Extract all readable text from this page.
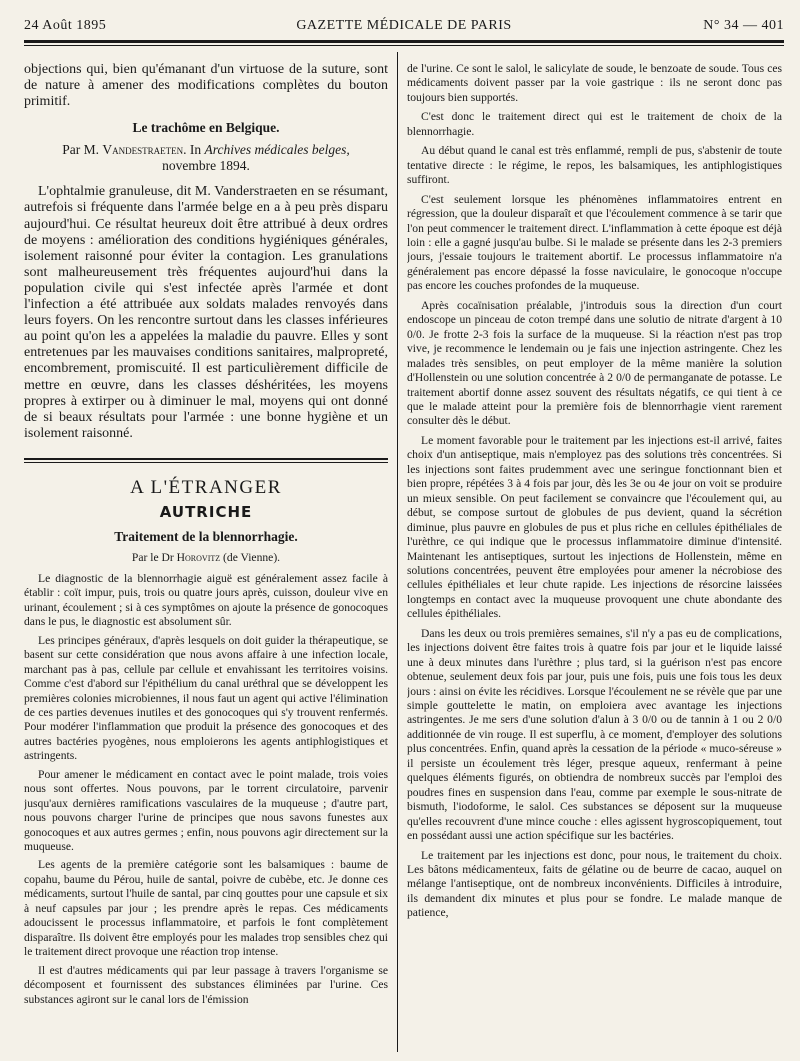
24 Août 1895	GAZETTE MÉDICALE DE PARIS	N° 34 — 401

objections qui, bien qu'émanant d'un virtuose de la suture, sont de nature à amener des modifications complètes du bouton primitif.

Le trachôme en Belgique.
Par M. Vandestraeten. In Archives médicales belges,
novembre 1894.

L'ophtalmie granuleuse, dit M. Vanderstraeten en se résumant, autrefois si fréquente dans l'armée belge en a à peu près disparu aujourd'hui. Ce résultat heureux doit être attribué à deux ordres de moyens : amélioration des conditions hygiéniques générales, isolement raisonné pour éviter la contagion. Les granulations sont malheureusement très fréquentes aujourd'hui dans la population civile qui s'est infectée après l'armée et dont l'infection a été attribuée aux soldats malades renvoyés dans leurs foyers. On les rencontre surtout dans les classes inférieures au point qu'on les a appelées la maladie du pauvre. Elles y sont entretenues par les mauvaises conditions sanitaires, malpropreté, encombrement, promiscuité. Il est particulièrement difficile de mettre en œuvre, dans les classes déshéritées, les moyens propres à extirper ou à diminuer le mal, moyens qui ont donné de si beaux résultats pour l'armée : une bonne hygiène et un isolement raisonné.

A L'ÉTRANGER
AUTRICHE
Traitement de la blennorrhagie.
Par le Dr Horovitz (de Vienne).

Le diagnostic de la blennorrhagie aiguë est généralement assez facile à établir : coït impur, puis, trois ou quatre jours après, cuisson, douleur vive en urinant, écoulement ; si à ces symptômes on ajoute la présence de gonocoques dans le pus, le diagnostic est absolument sûr.

Les principes généraux, d'après lesquels on doit guider la thérapeutique, se basent sur cette considération que nous avons affaire à une infection locale, marchant pas à pas, cellule par cellule et envahissant les territoires voisins. Comme c'est d'abord sur l'épithélium du canal uréthral que se développent les premières colonies microbiennes, il nous faut un agent qui active l'élimination de ces parties devenues inutiles et des gonocoques qui s'y trouvent renfermés. Pour modérer l'inflammation que produit la présence des gonocoques et des autres bactéries pyogènes, nous emploierons les agents antiphlogistiques et astringents.

Pour amener le médicament en contact avec le point malade, trois voies nous sont offertes. Nous pouvons, par le torrent circulatoire, parvenir jusqu'aux dernières ramifications vasculaires de la muqueuse ; d'autre part, nous pouvons charger l'urine de principes que nous savons funestes aux gonocoques et aux autres germes ; enfin, nous pouvons agir directement sur la muqueuse.

Les agents de la première catégorie sont les balsamiques : baume de copahu, baume du Pérou, huile de santal, poivre de cubèbe, etc. Je donne ces médicaments, surtout l'huile de santal, par cinq gouttes pour une capsule et six à neuf capsules par jour ; les prendre après le repas. Ces médicaments adoucissent le processus inflammatoire, et parfois le font complètement disparaître. Ils doivent être employés pour les malades trop sensibles chez qui le traitement direct provoque une réaction trop intense.

Il est d'autres médicaments qui par leur passage à travers l'organisme se décomposent et fournissent des substances éliminées par l'urine. Ces substances agiront sur le canal lors de l'émission

de l'urine. Ce sont le salol, le salicylate de soude, le benzoate de soude. Tous ces médicaments doivent passer par la voie gastrique : ils ne seront donc pas toujours bien supportés.

C'est donc le traitement direct qui est le traitement de choix de la blennorrhagie.

Au début quand le canal est très enflammé, rempli de pus, s'abstenir de toute tentative directe : le régime, le repos, les balsamiques, les antiphlogistiques suffiront.

C'est seulement lorsque les phénomènes inflammatoires entrent en régression, que la douleur disparaît et que l'écoulement commence à se tarir que l'on peut commencer le traitement direct. L'inflammation à cette époque est déjà loin : elle a gagné jusqu'au bulbe. Si le malade se présente dans les 2-3 premiers jours, j'essaie toujours le traitement abortif. Le processus inflammatoire n'a généralement pas encore dépassé la fosse naviculaire, le gonocoque n'occupe pas encore les couches profondes de la muqueuse.

Après cocaïnisation préalable, j'introduis sous la direction d'un court endoscope un pinceau de coton trempé dans une solutio de nitrate d'argent à 10 0/0. Je frotte 2-3 fois la surface de la muqueuse. Si la réaction n'est pas trop vive, je recommence le lendemain ou je fais une injection astringente. Chez les malades très sensibles, on peut employer de la même manière la solution d'Hollenstein ou une solution concentrée à 2 0/0 de permanganate de potasse. Le traitement abortif donne assez souvent des résultats négatifs, ce qui tient à ce que le malade atteint pour la première fois de blennorrhagie vient rarement consulter dès le début.

Le moment favorable pour le traitement par les injections est-il arrivé, faites choix d'un antiseptique, mais n'employez pas des solutions très concentrées. Si les injections sont faites prudemment avec une seringue fonctionnant bien et bien propre, répétées 3 à 4 fois par jour, dès les 3e ou 4e jour on voit se produire un mieux sensible. On peut facilement se convaincre que l'écoulement qui, au début, se compose surtout de globules de pus devient, quand la sécrétion diminue, plus pauvre en globules de pus et plus riche en cellules épithéliales de l'urèthre, ce qui indique que le processus inflammatoire diminue d'intensité. Maintenant les antiseptiques, surtout les injections de Hollenstein, même en solutions concentrées, peuvent être employées pour amener la nécrobiose des cellules épithéliales et leur chute rapide. Les injections de résorcine laissées longtemps en contact avec la muqueuse provoquent une chute abondante des cellules épithéliales.

Dans les deux ou trois premières semaines, s'il n'y a pas eu de complications, les injections doivent être faites trois à quatre fois par jour et le liquide laissé une à deux minutes dans l'urèthre ; plus tard, si la guérison n'est pas encore obtenue, seulement deux fois par jour, puis une fois, puis une fois tous les deux jours : ainsi on évite les récidives. Lorsque l'écoulement ne se révèle que par une simple gouttelette le matin, on emploiera avec avantage les injections astringentes. Je me sers d'une solution d'alun à 3 0/0 ou de tannin à 1 ou 2 0/0 additionnée de vin rouge. Il est superflu, à ce moment, d'employer des solutions plus concentrées. Enfin, quand après la cessation de la période « muco-séreuse » il persiste un écoulement très léger, presque aqueux, renfermant à peine quelques éléments figurés, on obtiendra de nombreux succès par l'emploi des poudres fines en suspension dans l'eau, comme par exemple le sous-nitrate de bismuth, l'iodoforme, le salol. Ces substances se déposent sur la muqueuse qu'elles recouvrent d'une mince couche : elles agissent hygroscopiquement, tout en possédant aussi une action spécifique sur les bactéries.

Le traitement par les injections est donc, pour nous, le traitement du choix. Les bâtons médicamenteux, faits de gélatine ou de beurre de cacao, auquel on mélange l'antiseptique, ont de nombreux inconvénients. Difficiles à introduire, ils demandent dix minutes et plus pour se fondre. Le malade manque de patience,
